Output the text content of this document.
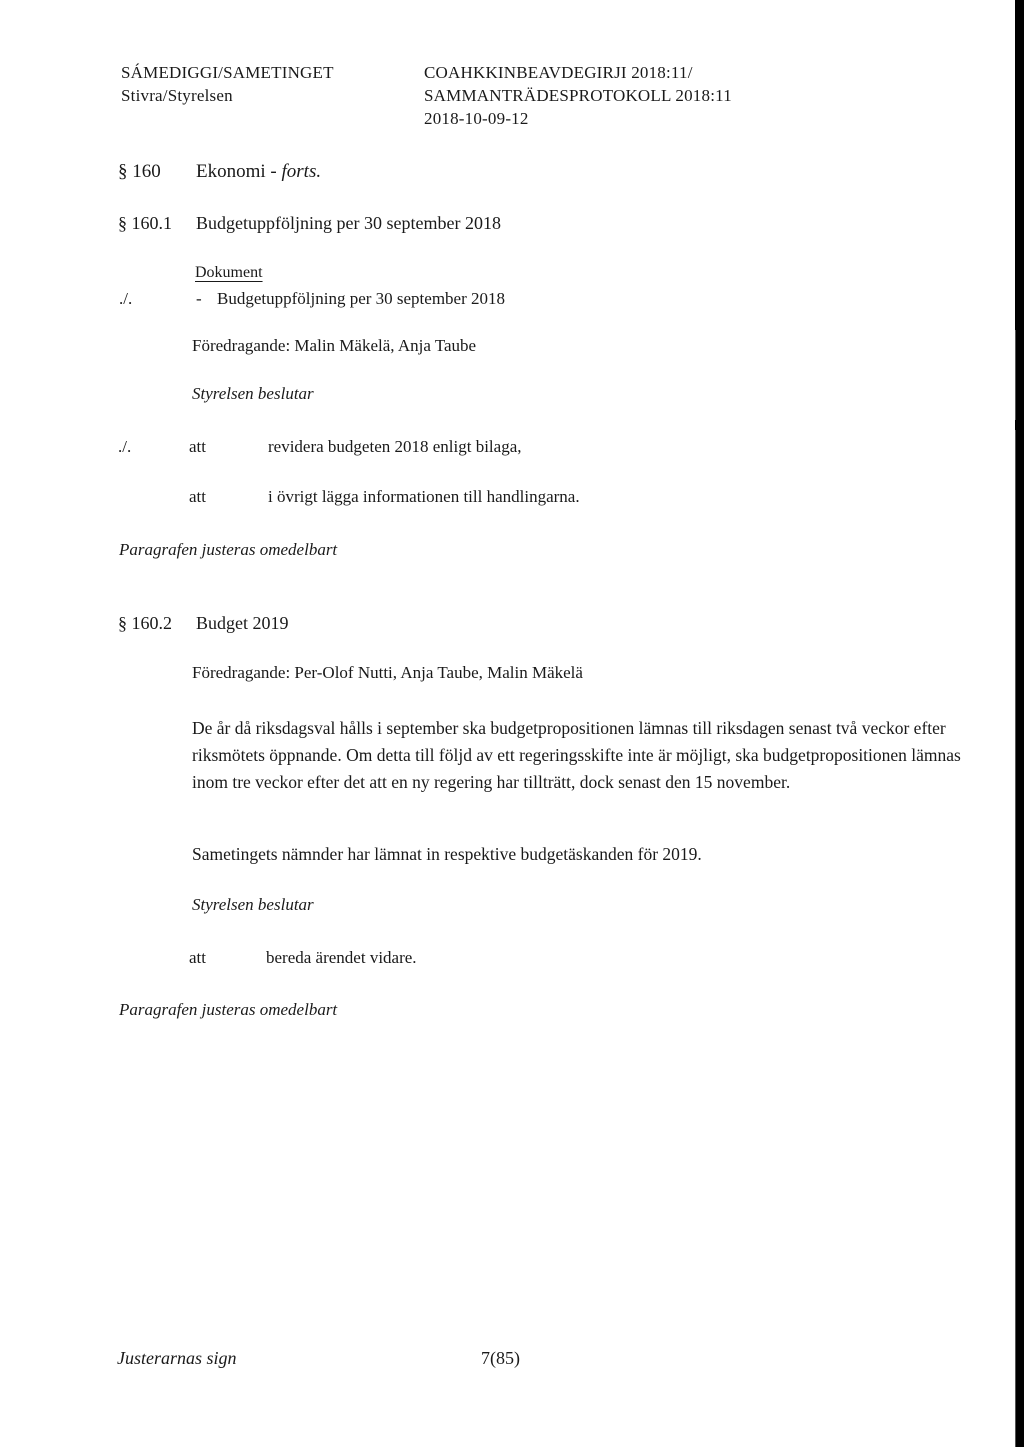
SÁMEDIGGI/SAMETINGET
Stivra/Styrelsen
COAHKKINBEAVDEGIRJI 2018:11/
SAMMANTRÄDESPROTOKOLL 2018:11
2018-10-09-12
§ 160 Ekonomi - forts.
§ 160.1 Budgetuppföljning per 30 september 2018
Dokument
./.	- Budgetuppföljning per 30 september 2018
Föredragande: Malin Mäkelä, Anja Taube
Styrelsen beslutar
./.	att	revidera budgeten 2018 enligt bilaga,
att	i övrigt lägga informationen till handlingarna.
Paragrafen justeras omedelbart
§ 160.2 Budget 2019
Föredragande: Per-Olof Nutti, Anja Taube, Malin Mäkelä
De år då riksdagsval hålls i september ska budgetpropositionen lämnas till riksdagen senast två veckor efter riksmötets öppnande. Om detta till följd av ett regeringsskifte inte är möjligt, ska budgetpropositionen lämnas inom tre veckor efter det att en ny regering har tillträtt, dock senast den 15 november.
Sametingets nämnder har lämnat in respektive budgetäskanden för 2019.
Styrelsen beslutar
att	bereda ärendet vidare.
Paragrafen justeras omedelbart
Justerarnas sign	7(85)
